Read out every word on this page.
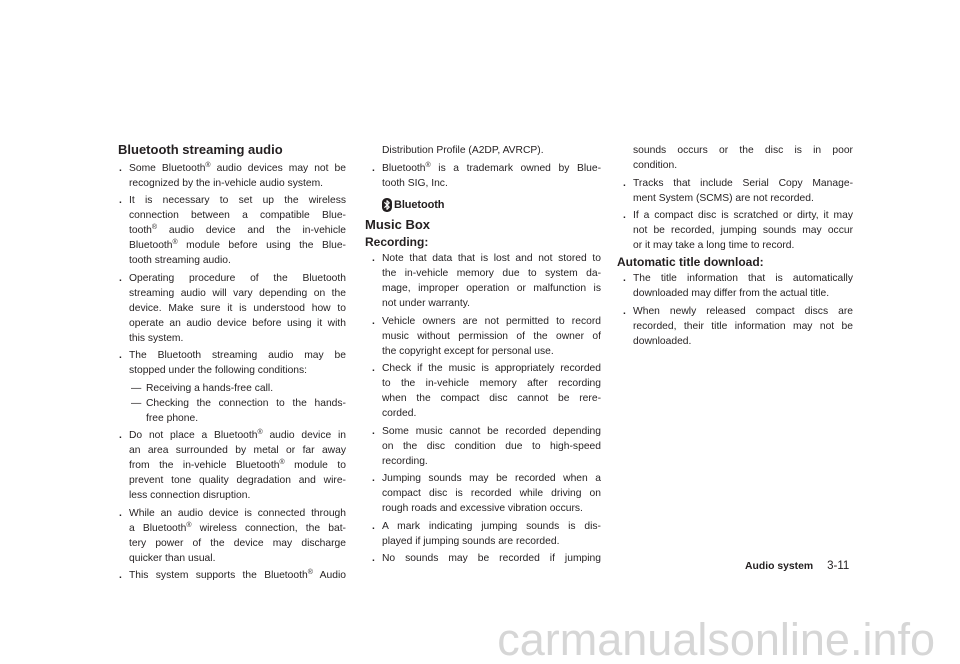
Bluetooth streaming audio
. Some Bluetooth® audio devices may not be
recognized by the in-vehicle audio system.
. It is necessary to set up the wireless
connection between a compatible Blue-
tooth® audio device and the in-vehicle
Bluetooth® module before using the Blue-
tooth streaming audio.
. Operating procedure of the Bluetooth
streaming audio will vary depending on the
device. Make sure it is understood how to
operate an audio device before using it with
this system.
. The Bluetooth streaming audio may be
stopped under the following conditions:
— Receiving a hands-free call.
— Checking the connection to the hands-
free phone.
. Do not place a Bluetooth® audio device in
an area surrounded by metal or far away
from the in-vehicle Bluetooth® module to
prevent tone quality degradation and wire-
less connection disruption.
. While an audio device is connected through
a Bluetooth® wireless connection, the bat-
tery power of the device may discharge
quicker than usual.
. This system supports the Bluetooth® Audio
Distribution Profile (A2DP, AVRCP).
. Bluetooth® is a trademark owned by Blue-
tooth SIG, Inc.
Bluetooth
Music Box
Recording:
. Note that data that is lost and not stored to
the in-vehicle memory due to system da-
mage, improper operation or malfunction is
not under warranty.
. Vehicle owners are not permitted to record
music without permission of the owner of
the copyright except for personal use.
. Check if the music is appropriately recorded
to the in-vehicle memory after recording
when the compact disc cannot be rere-
corded.
. Some music cannot be recorded depending
on the disc condition due to high-speed
recording.
. Jumping sounds may be recorded when a
compact disc is recorded while driving on
rough roads and excessive vibration occurs.
. A mark indicating jumping sounds is dis-
played if jumping sounds are recorded.
. No sounds may be recorded if jumping
sounds occurs or the disc is in poor
condition.
. Tracks that include Serial Copy Manage-
ment System (SCMS) are not recorded.
. If a compact disc is scratched or dirty, it may
not be recorded, jumping sounds may occur
or it may take a long time to record.
Automatic title download:
. The title information that is automatically
downloaded may differ from the actual title.
. When newly released compact discs are
recorded, their title information may not be
downloaded.
Audio system 3-11
carmanualsonline.info
